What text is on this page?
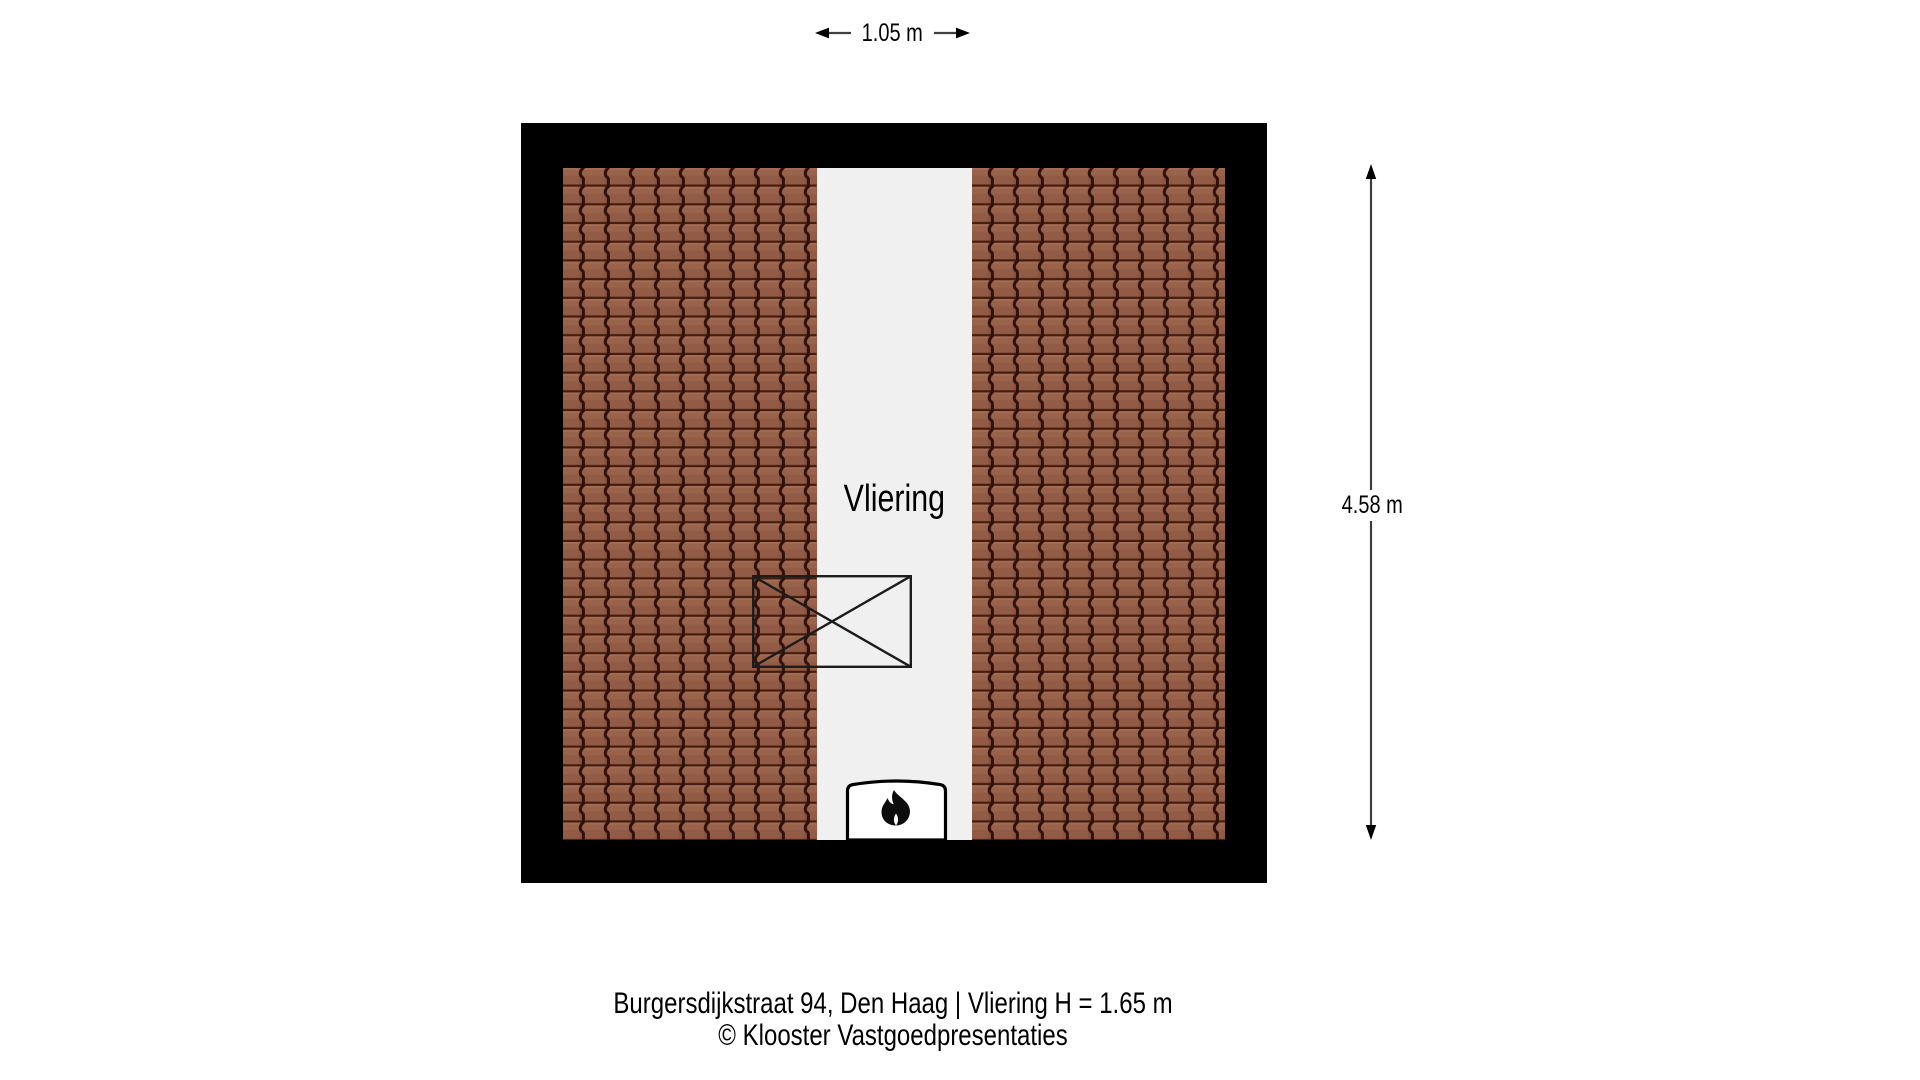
1.05 m
Vliering	4.58 m
Burgersdijkstraat 94, Den Haag | Vliering H = 1.65 m
© Klooster Vastgoedpresentaties
